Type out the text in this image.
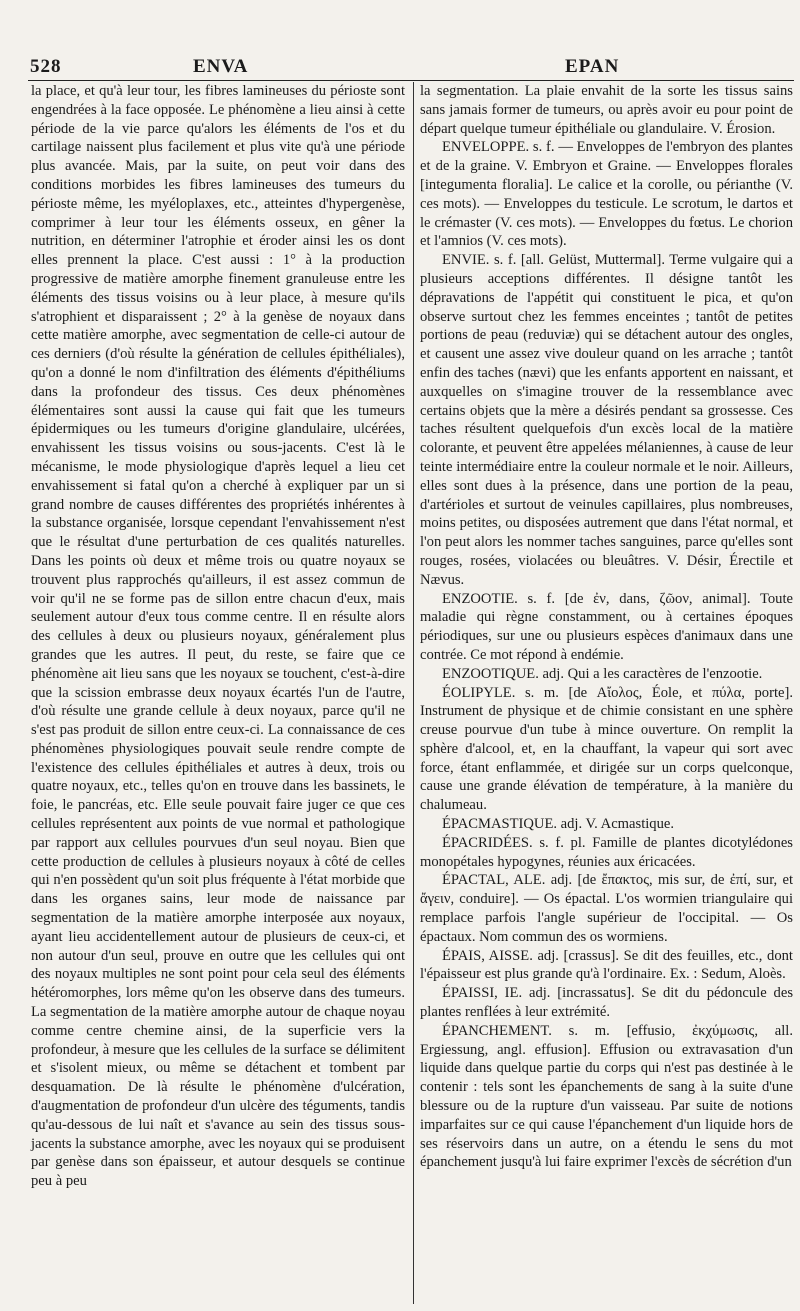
528	ENVA	EPAN

la place, et qu'à leur tour, les fibres lamineuses du périoste sont engendrées à la face opposée. Le phénomène a lieu ainsi à cette période de la vie parce qu'alors les éléments de l'os et du cartilage naissent plus facilement et plus vite qu'à une période plus avancée. Mais, par la suite, on peut voir dans des conditions morbides les fibres lamineuses des tumeurs du périoste même, les myéloplaxes, etc., atteintes d'hypergenèse, comprimer à leur tour les éléments osseux, en gêner la nutrition, en déterminer l'atrophie et éroder ainsi les os dont elles prennent la place. C'est aussi : 1° à la production progressive de matière amorphe finement granuleuse entre les éléments des tissus voisins ou à leur place, à mesure qu'ils s'atrophient et disparaissent ; 2° à la genèse de noyaux dans cette matière amorphe, avec segmentation de celle-ci autour de ces derniers (d'où résulte la génération de cellules épithéliales), qu'on a donné le nom d'infiltration des éléments d'épithéliums dans la profondeur des tissus. Ces deux phénomènes élémentaires sont aussi la cause qui fait que les tumeurs épidermiques ou les tumeurs d'origine glandulaire, ulcérées, envahissent les tissus voisins ou sous-jacents. C'est là le mécanisme, le mode physiologique d'après lequel a lieu cet envahissement si fatal qu'on a cherché à expliquer par un si grand nombre de causes différentes des propriétés inhérentes à la substance organisée, lorsque cependant l'envahissement n'est que le résultat d'une perturbation de ces qualités naturelles. Dans les points où deux et même trois ou quatre noyaux se trouvent plus rapprochés qu'ailleurs, il est assez commun de voir qu'il ne se forme pas de sillon entre chacun d'eux, mais seulement autour d'eux tous comme centre. Il en résulte alors des cellules à deux ou plusieurs noyaux, généralement plus grandes que les autres. Il peut, du reste, se faire que ce phénomène ait lieu sans que les noyaux se touchent, c'est-à-dire que la scission embrasse deux noyaux écartés l'un de l'autre, d'où résulte une grande cellule à deux noyaux, parce qu'il ne s'est pas produit de sillon entre ceux-ci. La connaissance de ces phénomènes physiologiques pouvait seule rendre compte de l'existence des cellules épithéliales et autres à deux, trois ou quatre noyaux, etc., telles qu'on en trouve dans les bassinets, le foie, le pancréas, etc. Elle seule pouvait faire juger ce que ces cellules représentent aux points de vue normal et pathologique par rapport aux cellules pourvues d'un seul noyau. Bien que cette production de cellules à plusieurs noyaux à côté de celles qui n'en possèdent qu'un soit plus fréquente à l'état morbide que dans les organes sains, leur mode de naissance par segmentation de la matière amorphe interposée aux noyaux, ayant lieu accidentellement autour de plusieurs de ceux-ci, et non autour d'un seul, prouve en outre que les cellules qui ont des noyaux multiples ne sont point pour cela seul des éléments hétéromorphes, lors même qu'on les observe dans des tumeurs. La segmentation de la matière amorphe autour de chaque noyau comme centre chemine ainsi, de la superficie vers la profondeur, à mesure que les cellules de la surface se délimitent et s'isolent mieux, ou même se détachent et tombent par desquamation. De là résulte le phénomène d'ulcération, d'augmentation de profondeur d'un ulcère des téguments, tandis qu'au-dessous de lui naît et s'avance au sein des tissus sous-jacents la substance amorphe, avec les noyaux qui se produisent par genèse dans son épaisseur, et autour desquels se continue peu à peu

la segmentation. La plaie envahit de la sorte les tissus sains sans jamais former de tumeurs, ou après avoir eu pour point de départ quelque tumeur épithéliale ou glandulaire. V. Érosion.

ENVELOPPE. s. f. — Enveloppes de l'embryon des plantes et de la graine. V. Embryon et Graine. — Enveloppes florales [integumenta floralia]. Le calice et la corolle, ou périanthe (V. ces mots). — Enveloppes du testicule. Le scrotum, le dartos et le crémaster (V. ces mots). — Enveloppes du fœtus. Le chorion et l'amnios (V. ces mots).

ENVIE. s. f. [all. Gelüst, Muttermal]. Terme vulgaire qui a plusieurs acceptions différentes. Il désigne tantôt les dépravations de l'appétit qui constituent le pica, et qu'on observe surtout chez les femmes enceintes ; tantôt de petites portions de peau (reduviæ) qui se détachent autour des ongles, et causent une assez vive douleur quand on les arrache ; tantôt enfin des taches (nævi) que les enfants apportent en naissant, et auxquelles on s'imagine trouver de la ressemblance avec certains objets que la mère a désirés pendant sa grossesse. Ces taches résultent quelquefois d'un excès local de la matière colorante, et peuvent être appelées mélaniennes, à cause de leur teinte intermédiaire entre la couleur normale et le noir. Ailleurs, elles sont dues à la présence, dans une portion de la peau, d'artérioles et surtout de veinules capillaires, plus nombreuses, moins petites, ou disposées autrement que dans l'état normal, et l'on peut alors les nommer taches sanguines, parce qu'elles sont rouges, rosées, violacées ou bleuâtres. V. Désir, Érectile et Nævus.

ENZOOTIE. s. f. [de ἐν, dans, ζῶον, animal]. Toute maladie qui règne constamment, ou à certaines époques périodiques, sur une ou plusieurs espèces d'animaux dans une contrée. Ce mot répond à endémie.

ENZOOTIQUE. adj. Qui a les caractères de l'enzootie.

ÉOLIPYLE. s. m. [de Αἴολος, Éole, et πύλα, porte]. Instrument de physique et de chimie consistant en une sphère creuse pourvue d'un tube à mince ouverture. On remplit la sphère d'alcool, et, en la chauffant, la vapeur qui sort avec force, étant enflammée, et dirigée sur un corps quelconque, cause une grande élévation de température, à la manière du chalumeau.

ÉPACMASTIQUE. adj. V. Acmastique.

ÉPACRIDÉES. s. f. pl. Famille de plantes dicotylédones monopétales hypogynes, réunies aux éricacées.

ÉPACTAL, ALE. adj. [de ἔπακτος, mis sur, de ἐπί, sur, et ἄγειν, conduire]. — Os épactal. L'os wormien triangulaire qui remplace parfois l'angle supérieur de l'occipital. — Os épactaux. Nom commun des os wormiens.

ÉPAIS, AISSE. adj. [crassus]. Se dit des feuilles, etc., dont l'épaisseur est plus grande qu'à l'ordinaire. Ex. : Sedum, Aloès.

ÉPAISSI, IE. adj. [incrassatus]. Se dit du pédoncule des plantes renflées à leur extrémité.

ÉPANCHEMENT. s. m. [effusio, ἐκχύμωσις, all. Ergiessung, angl. effusion]. Effusion ou extravasation d'un liquide dans quelque partie du corps qui n'est pas destinée à le contenir : tels sont les épanchements de sang à la suite d'une blessure ou de la rupture d'un vaisseau. Par suite de notions imparfaites sur ce qui cause l'épanchement d'un liquide hors de ses réservoirs dans un autre, on a étendu le sens du mot épanchement jusqu'à lui faire exprimer l'excès de sécrétion d'un
